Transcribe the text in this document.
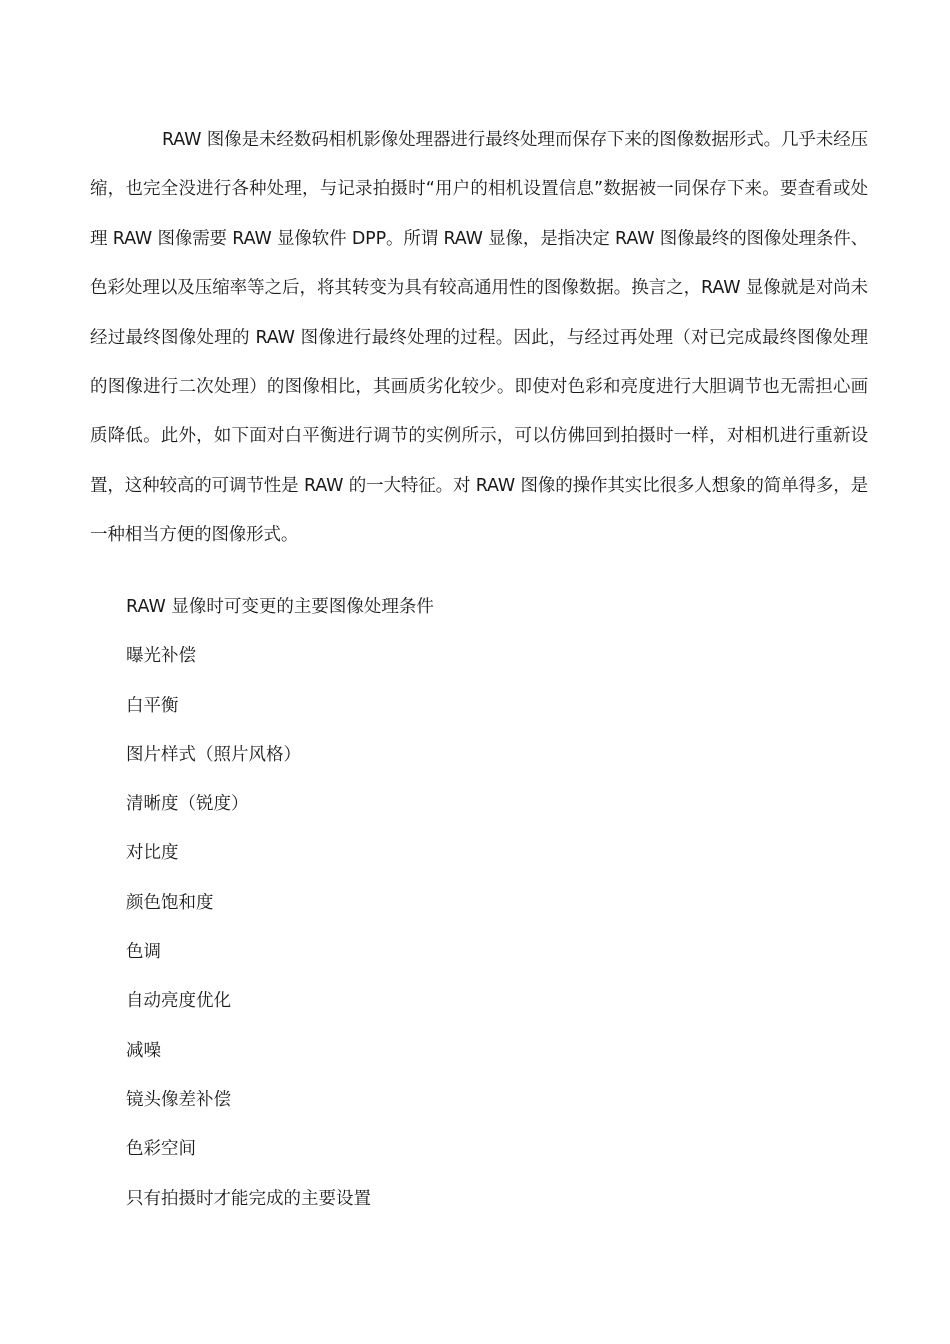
RAW 图像是未经数码相机影像处理器进行最终处理而保存下来的图像数据形式。几乎未经压缩，也完全没进行各种处理，与记录拍摄时“用户的相机设置信息”数据被一同保存下来。要查看或处理 RAW 图像需要 RAW 显像软件 DPP。所谓 RAW 显像，是指决定 RAW 图像最终的图像处理条件、色彩处理以及压缩率等之后，将其转变为具有较高通用性的图像数据。换言之，RAW 显像就是对尚未经过最终图像处理的 RAW 图像进行最终处理的过程。因此，与经过再处理（对已完成最终图像处理的图像进行二次处理）的图像相比，其画质劣化较少。即使对色彩和亮度进行大胆调节也无需担心画质降低。此外，如下面对白平衡进行调节的实例所示，可以仿佛回到拍摄时一样，对相机进行重新设置，这种较高的可调节性是 RAW 的一大特征。对 RAW 图像的操作其实比很多人想象的简单得多，是一种相当方便的图像形式。

RAW 显像时可变更的主要图像处理条件
曝光补偿
白平衡
图片样式（照片风格）
清晰度（锐度）
对比度
颜色饱和度
色调
自动亮度优化
减噪
镜头像差补偿
色彩空间
只有拍摄时才能完成的主要设置
